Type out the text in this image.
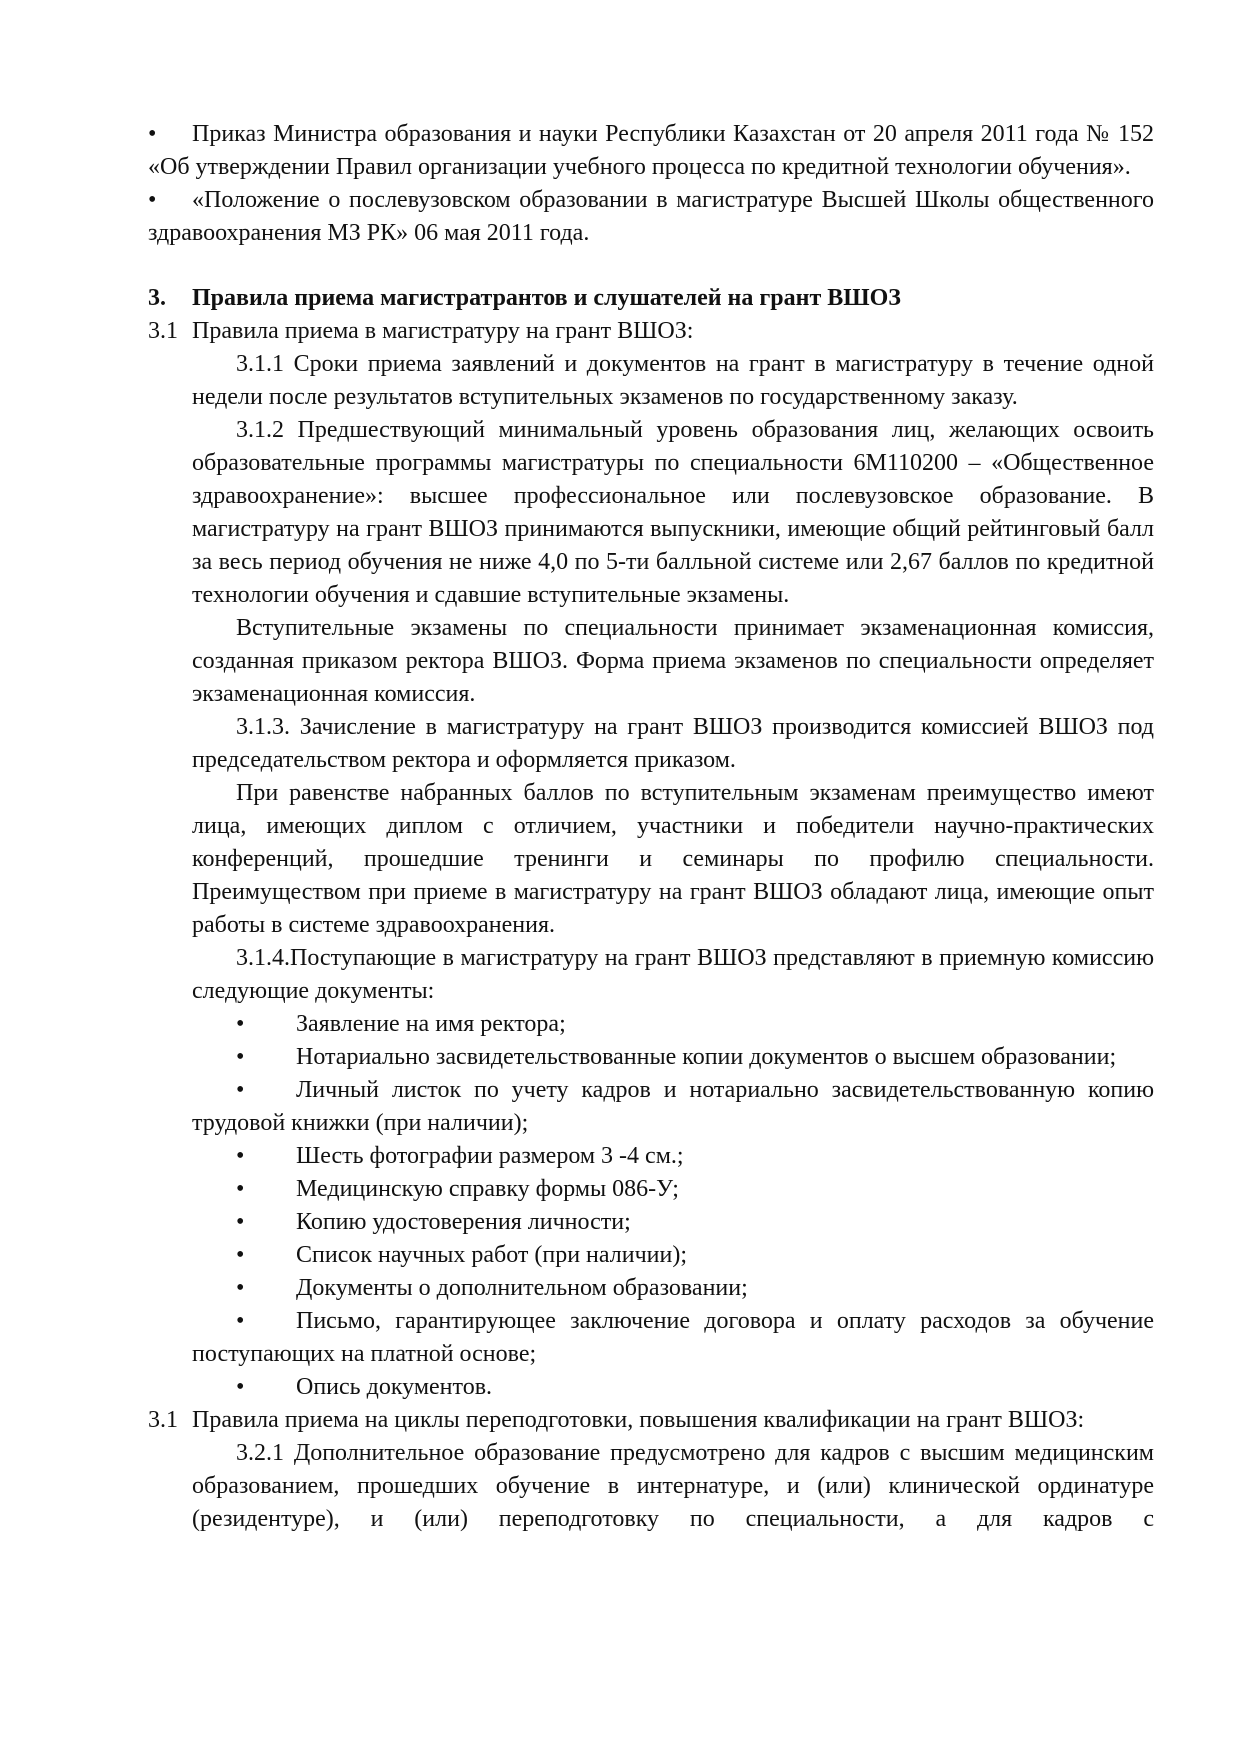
• Приказ Министра образования и науки Республики Казахстан от 20 апреля 2011 года № 152 «Об утверждении Правил организации учебного процесса по кредитной технологии обучения».

• «Положение о послевузовском образовании в магистратуре Высшей Школы общественного здравоохранения МЗ РК» 06 мая 2011 года.

3.	Правила приема магистратрантов и слушателей на грант ВШОЗ
3.1 Правила приема в магистратуру на грант ВШОЗ:

3.1.1 Сроки приема заявлений и документов на грант в магистратуру в течение одной недели после результатов вступительных экзаменов по государственному заказу.

3.1.2 Предшествующий минимальный уровень образования лиц, желающих освоить образовательные программы магистратуры по специальности 6М110200 – «Общественное здравоохранение»: высшее профессиональное или послевузовское образование. В магистратуру на грант ВШОЗ принимаются выпускники, имеющие общий рейтинговый балл за весь период обучения не ниже 4,0 по 5-ти балльной системе или 2,67 баллов по кредитной технологии обучения и сдавшие вступительные экзамены.

Вступительные экзамены по специальности принимает экзаменационная комиссия, созданная приказом ректора ВШОЗ. Форма приема экзаменов по специальности определяет экзаменационная комиссия.

3.1.3. Зачисление в магистратуру на грант ВШОЗ производится комиссией ВШОЗ под председательством ректора и оформляется приказом.

При равенстве набранных баллов по вступительным экзаменам преимущество имеют лица, имеющих диплом с отличием, участники и победители научно-практических конференций, прошедшие тренинги и семинары по профилю специальности. Преимуществом при приеме в магистратуру на грант ВШОЗ обладают лица, имеющие опыт работы в системе здравоохранения.

3.1.4.Поступающие в магистратуру на грант ВШОЗ представляют в приемную комиссию следующие документы:

• Заявление на имя ректора;

• Нотариально засвидетельствованные копии документов о высшем образовании;

• Личный листок по учету кадров и нотариально засвидетельствованную копию трудовой книжки (при наличии);

• Шесть фотографии размером 3 -4 см.;

• Медицинскую справку формы 086-У;

• Копию удостоверения личности;

• Список научных работ (при наличии);

• Документы о дополнительном образовании;

• Письмо, гарантирующее заключение договора и оплату расходов за обучение поступающих на платной основе;

• Опись документов.

3.1 Правила приема на циклы переподготовки, повышения квалификации на грант ВШОЗ:

3.2.1 Дополнительное образование предусмотрено для кадров с высшим медицинским образованием, прошедших обучение в интернатуре, и (или) клинической ординатуре (резидентуре), и (или) переподготовку по специальности, а для кадров с
